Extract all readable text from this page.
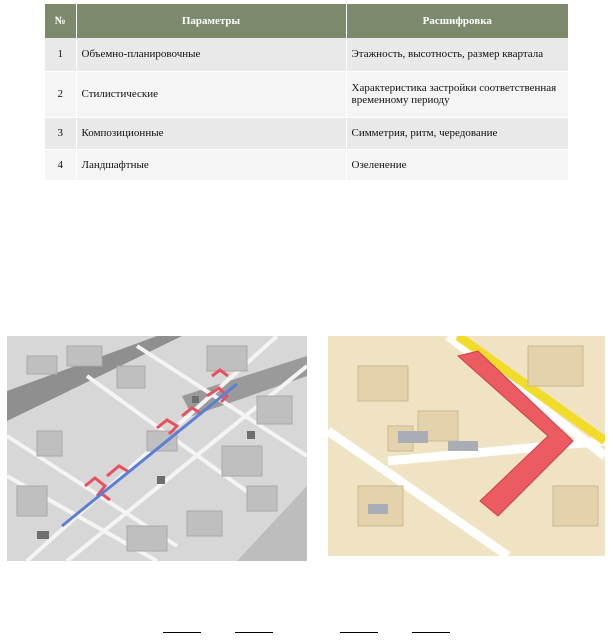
№	Параметры	Расшифровка
1	Объемно-планировочные	Этажность, высотность, размер квартала
2	Стилистические	Характеристика застройки соответственная временному периоду
3	Композиционные	Симметрия, ритм, чередование
4	Ландшафтные	Озеленение
